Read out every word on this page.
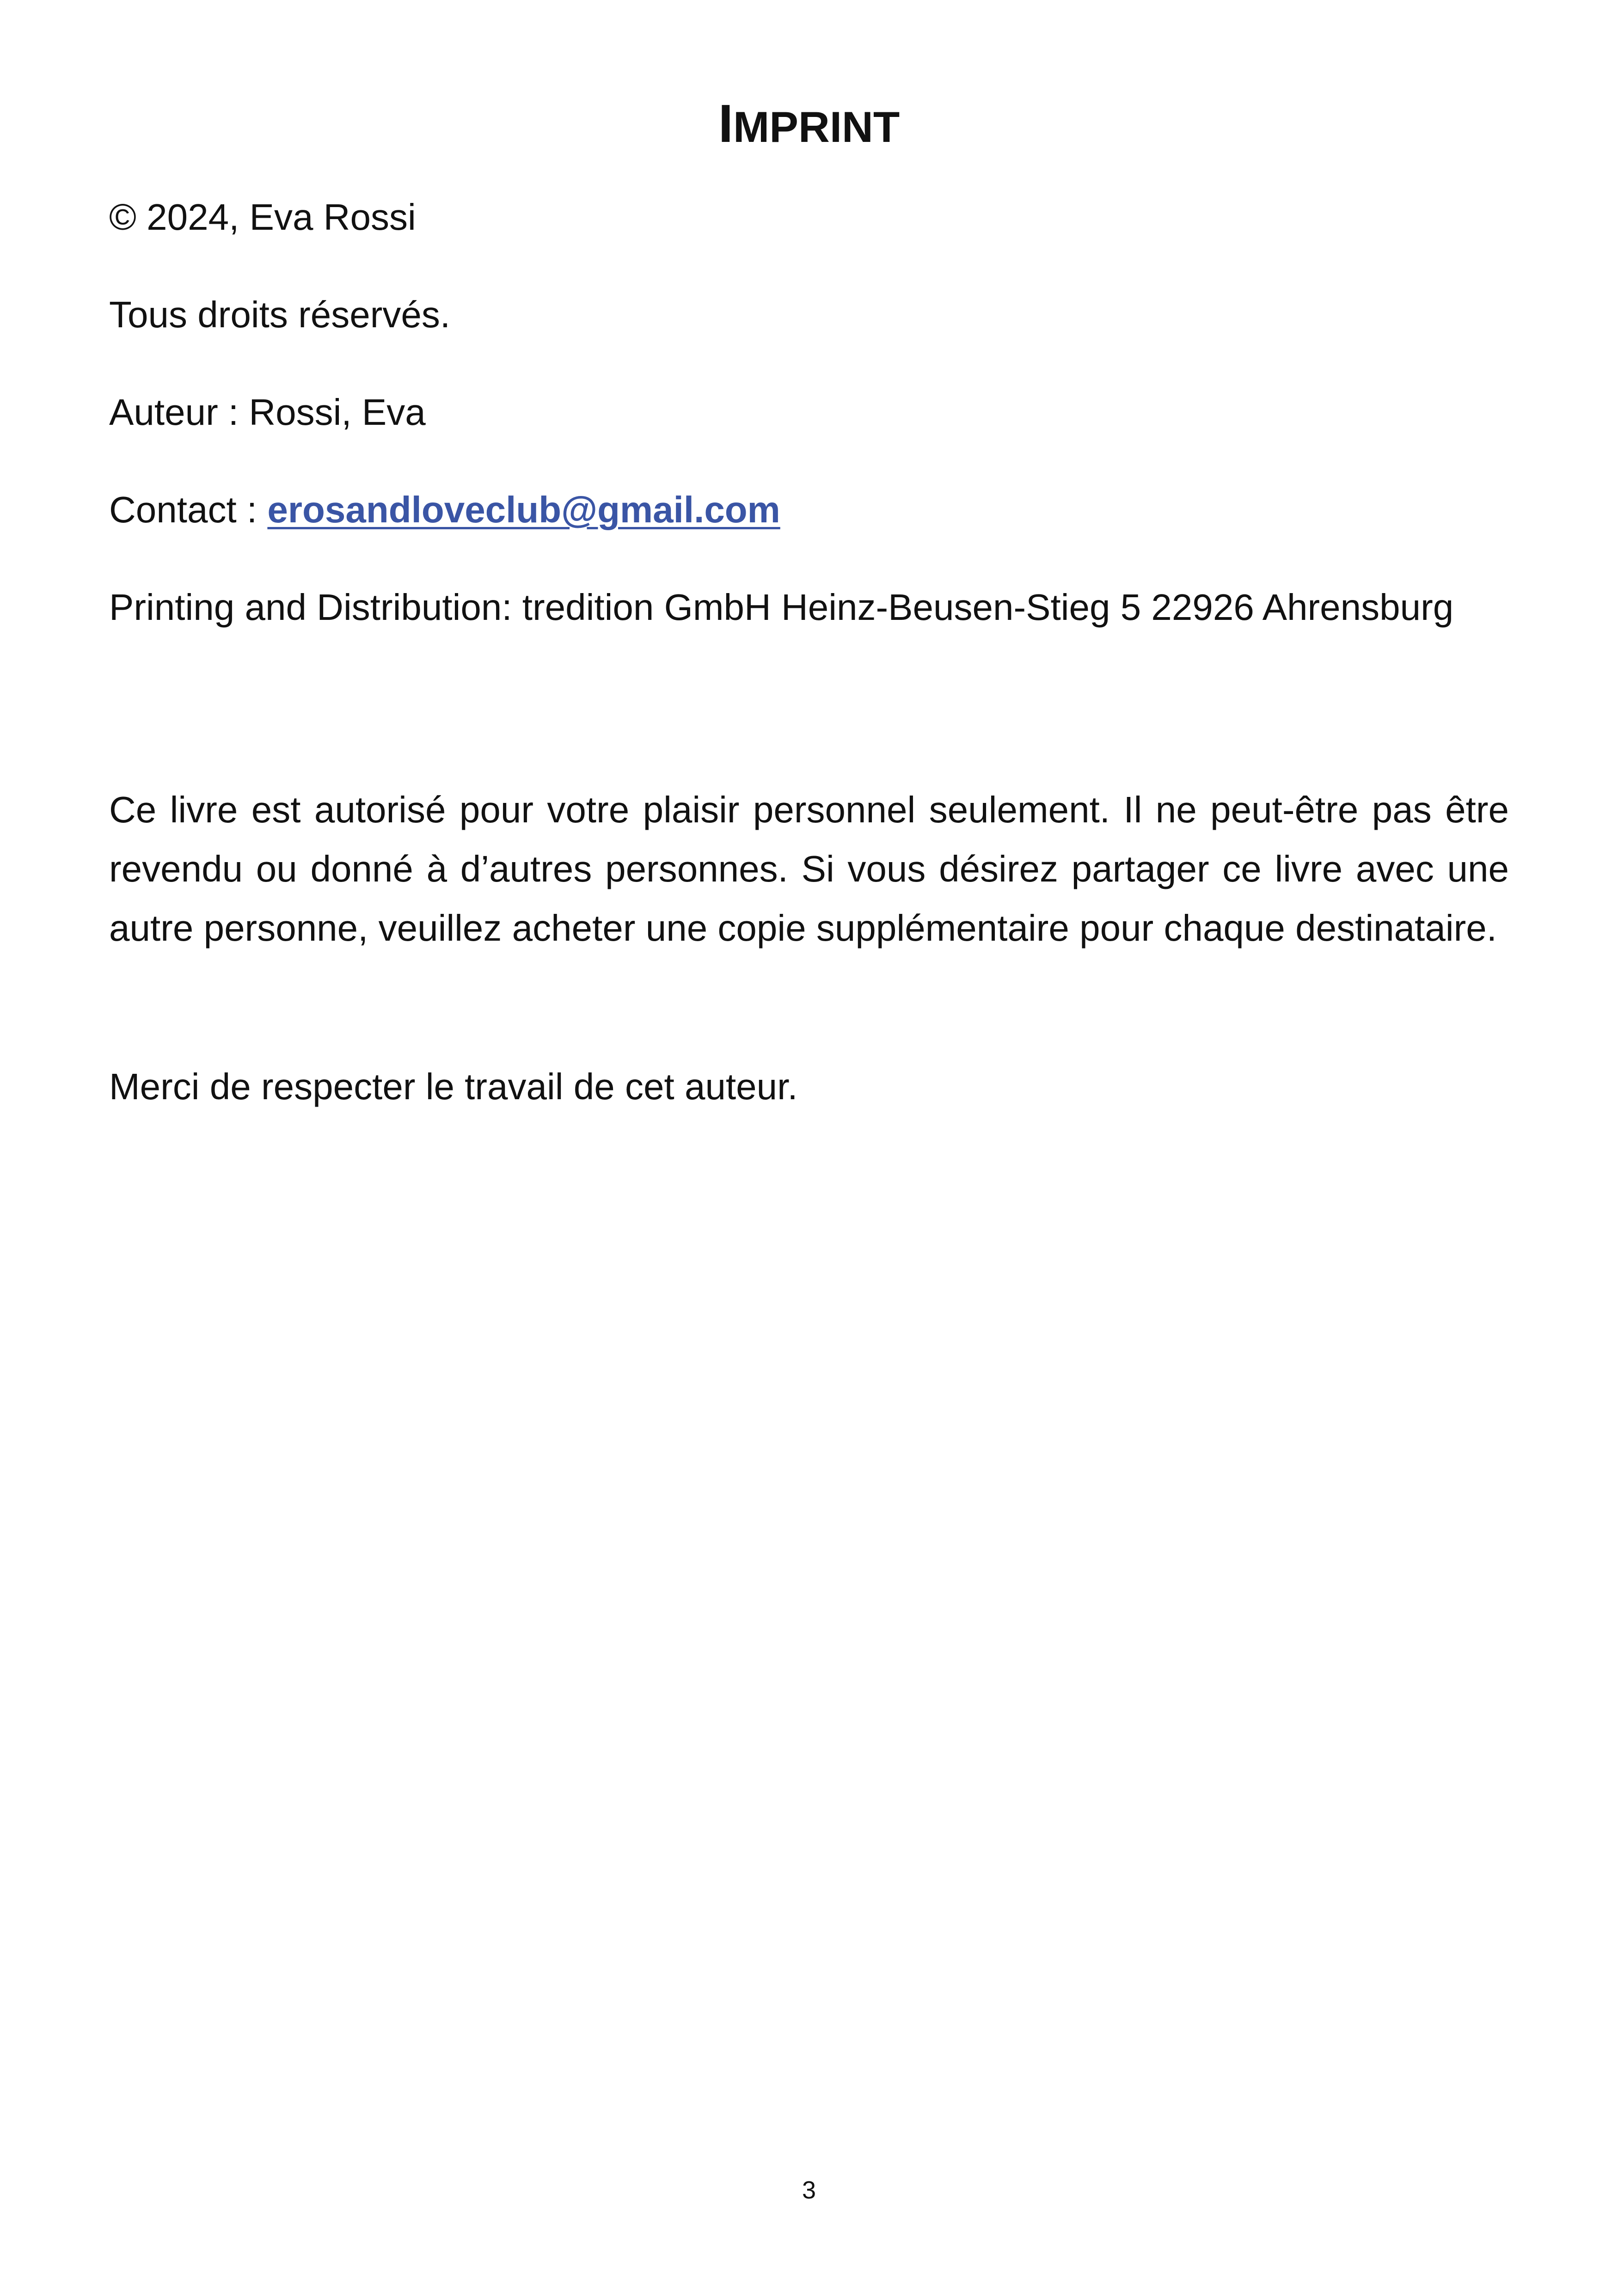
IMPRINT

© 2024, Eva Rossi

Tous droits réservés.

Auteur : Rossi, Eva

Contact : erosandloveclub@gmail.com

Printing and Distribution: tredition GmbH Heinz-Beusen-Stieg 5 22926 Ahrensburg

Ce livre est autorisé pour votre plaisir personnel seulement. Il ne peut-être pas être revendu ou donné à d’autres personnes. Si vous désirez partager ce livre avec une autre personne, veuillez acheter une copie supplémentaire pour chaque destinataire.

Merci de respecter le travail de cet auteur.

3
